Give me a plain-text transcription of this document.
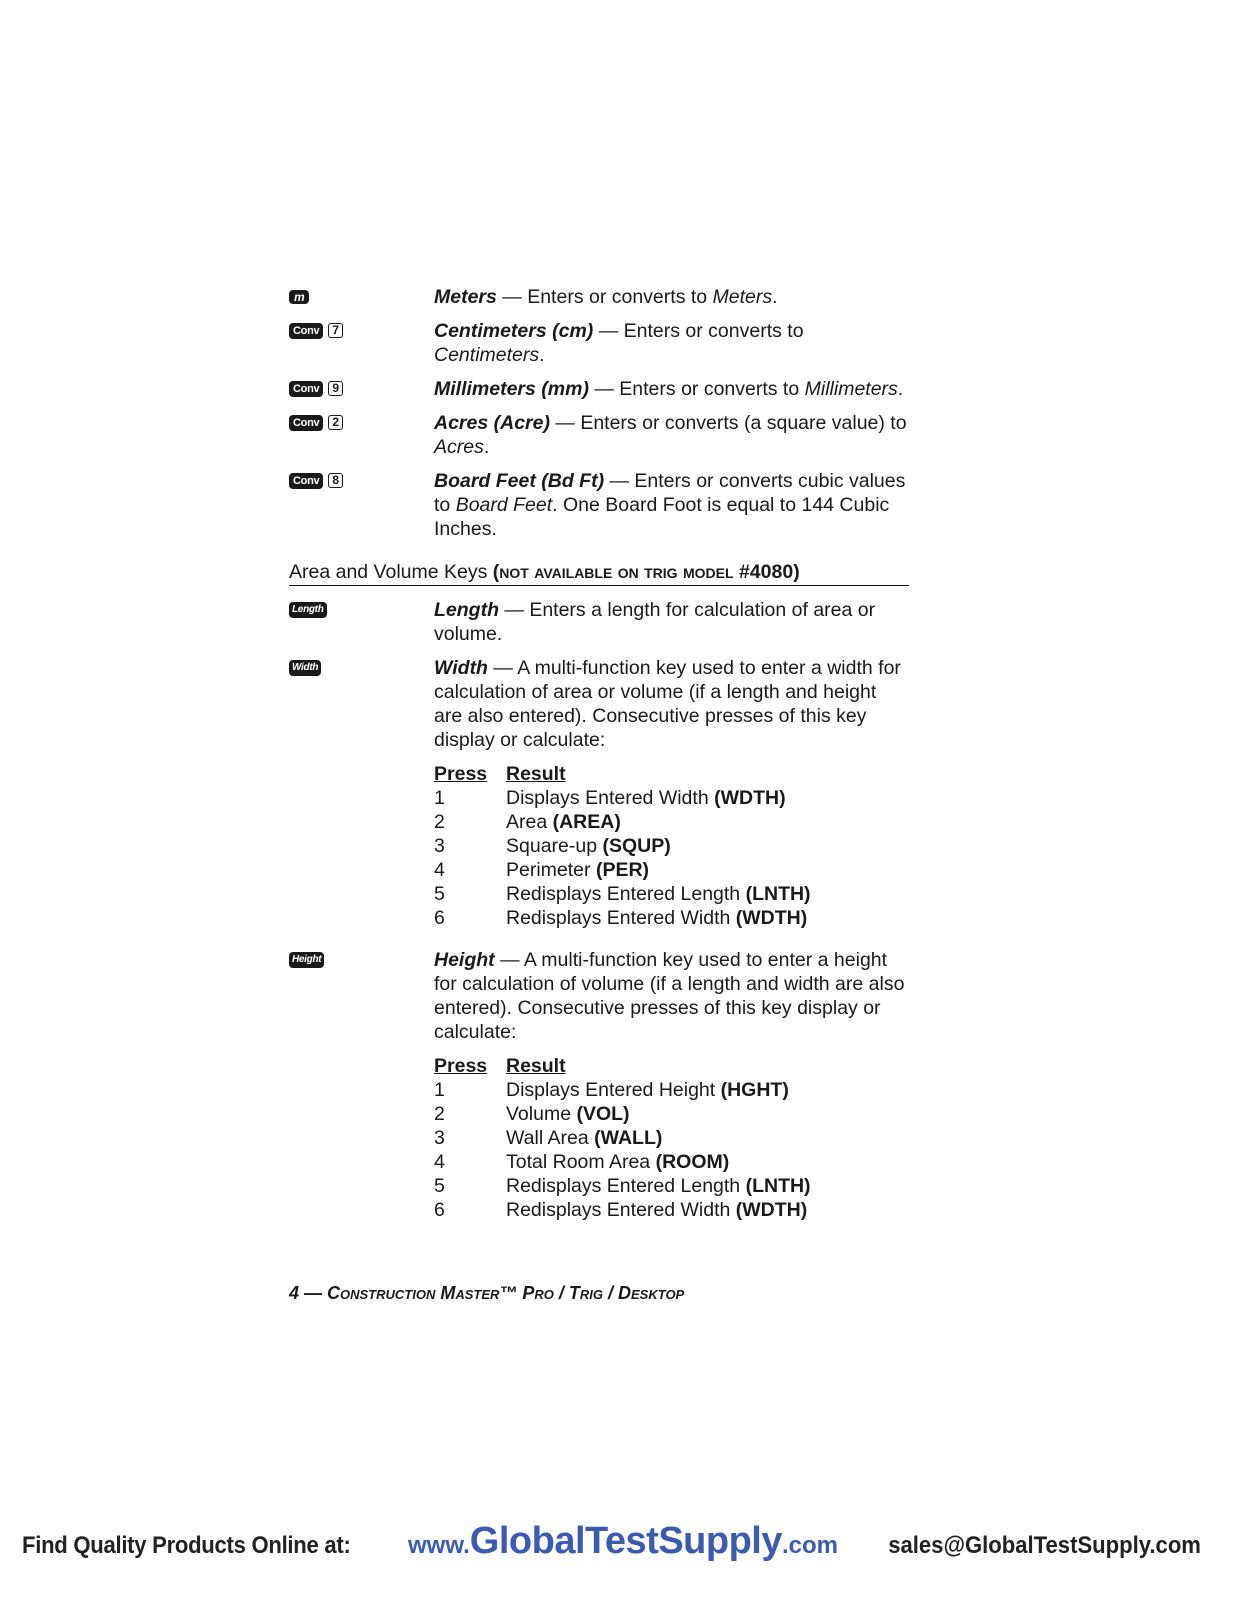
m	Meters — Enters or converts to Meters.
Conv 7	Centimeters (cm) — Enters or converts to Centimeters.
Conv 9	Millimeters (mm) — Enters or converts to Millimeters.
Conv 2	Acres (Acre) — Enters or converts (a square value) to Acres.
Conv 8	Board Feet (Bd Ft) — Enters or converts cubic values to Board Feet. One Board Foot is equal to 144 Cubic Inches.
Area and Volume Keys (not available on trig model #4080)
Length	Length — Enters a length for calculation of area or volume.
Width	Width — A multi-function key used to enter a width for calculation of area or volume (if a length and height are also entered). Consecutive presses of this key display or calculate:
Press Result
1	Displays Entered Width (WDTH)
2	Area (AREA)
3	Square-up (SQUP)
4	Perimeter (PER)
5	Redisplays Entered Length (LNTH)
6	Redisplays Entered Width (WDTH)
Height	Height — A multi-function key used to enter a height for calculation of volume (if a length and width are also entered). Consecutive presses of this key display or calculate:
Press Result
1	Displays Entered Height (HGHT)
2	Volume (VOL)
3	Wall Area (WALL)
4	Total Room Area (ROOM)
5	Redisplays Entered Length (LNTH)
6	Redisplays Entered Width (WDTH)
4 — Construction Master™ Pro / Trig / Desktop
Find Quality Products Online at: www.GlobalTestSupply.com sales@GlobalTestSupply.com
